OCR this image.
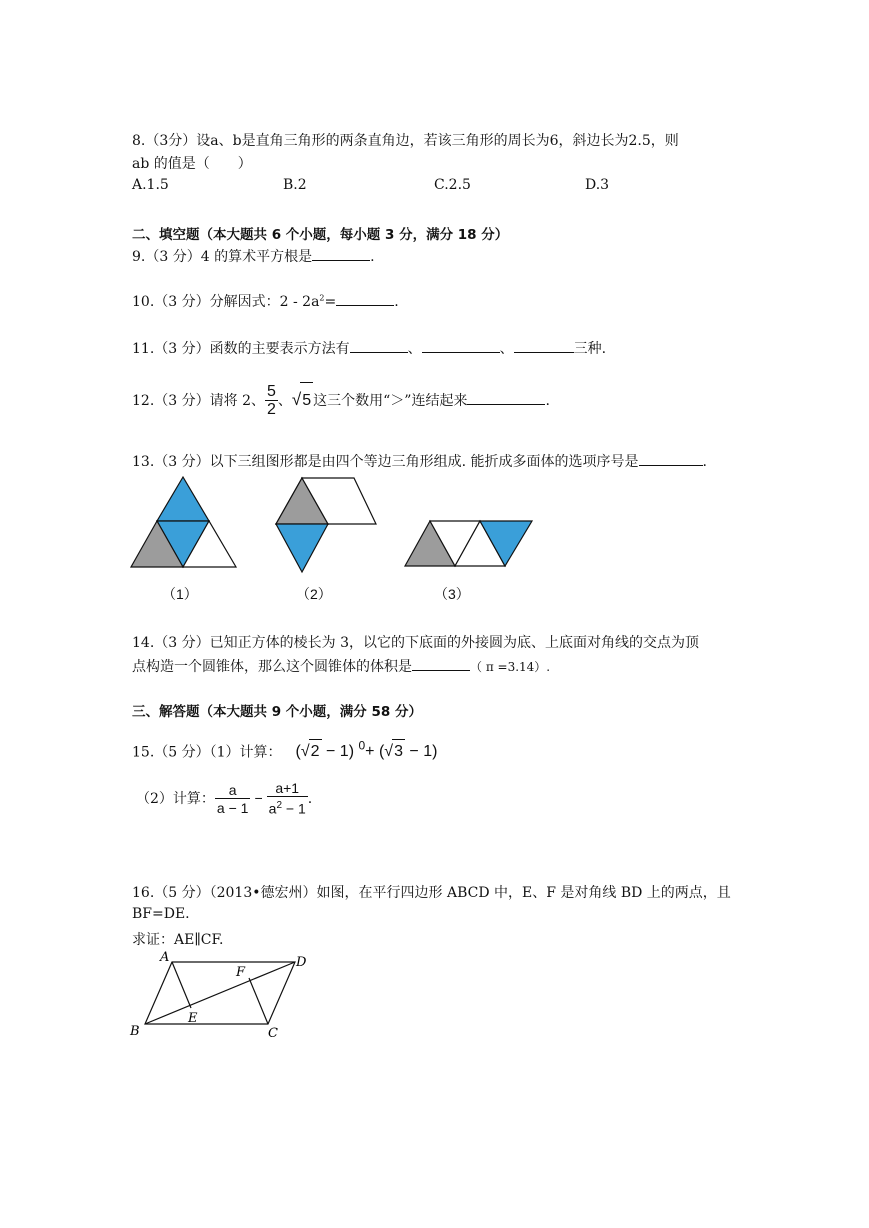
8.（3分）设a、b是直角三角形的两条直角边，若该三角形的周长为6，斜边长为2.5，则
ab 的值是（　　）
A.1.5	B.2	C.2.5	D.3
二、填空题（本大题共 6 个小题，每小题 3 分，满分 18 分）
9.（3 分）4 的算术平方根是	.
10.（3 分）分解因式：$2 - 2a^2=$	.
11.（3 分）函数的主要表示方法有	、	、	三种.
12.（3 分）请将 2、 $\frac{5}{2}$ 、√5 这三个数用“＞”连结起来	.
13.（3 分）以下三组图形都是由四个等边三角形组成. 能折成多面体的选项序号是	.
（1）	（2）	（3）
14.（3 分）已知正方体的棱长为 3，以它的下底面的外接圆为底、上底面对角线的交点为顶
点构造一个圆锥体，那么这个圆锥体的体积是	（ π =3.14）.
三、解答题（本大题共 9 个小题，满分 58 分）
15.（5 分）（1）计算： (√2 − 1) $^0$+ (√3 − 1)
（2）计算： $\frac{a}{a - 1} - \frac{a+1}{a^2 - 1}$ .
16.（5 分）（2013•德宏州）如图，在平行四边形 ABCD 中，E、F 是对角线 BD 上的两点，且
BF=DE.
求证：AE∥CF.
A
B	C
D
E
F
